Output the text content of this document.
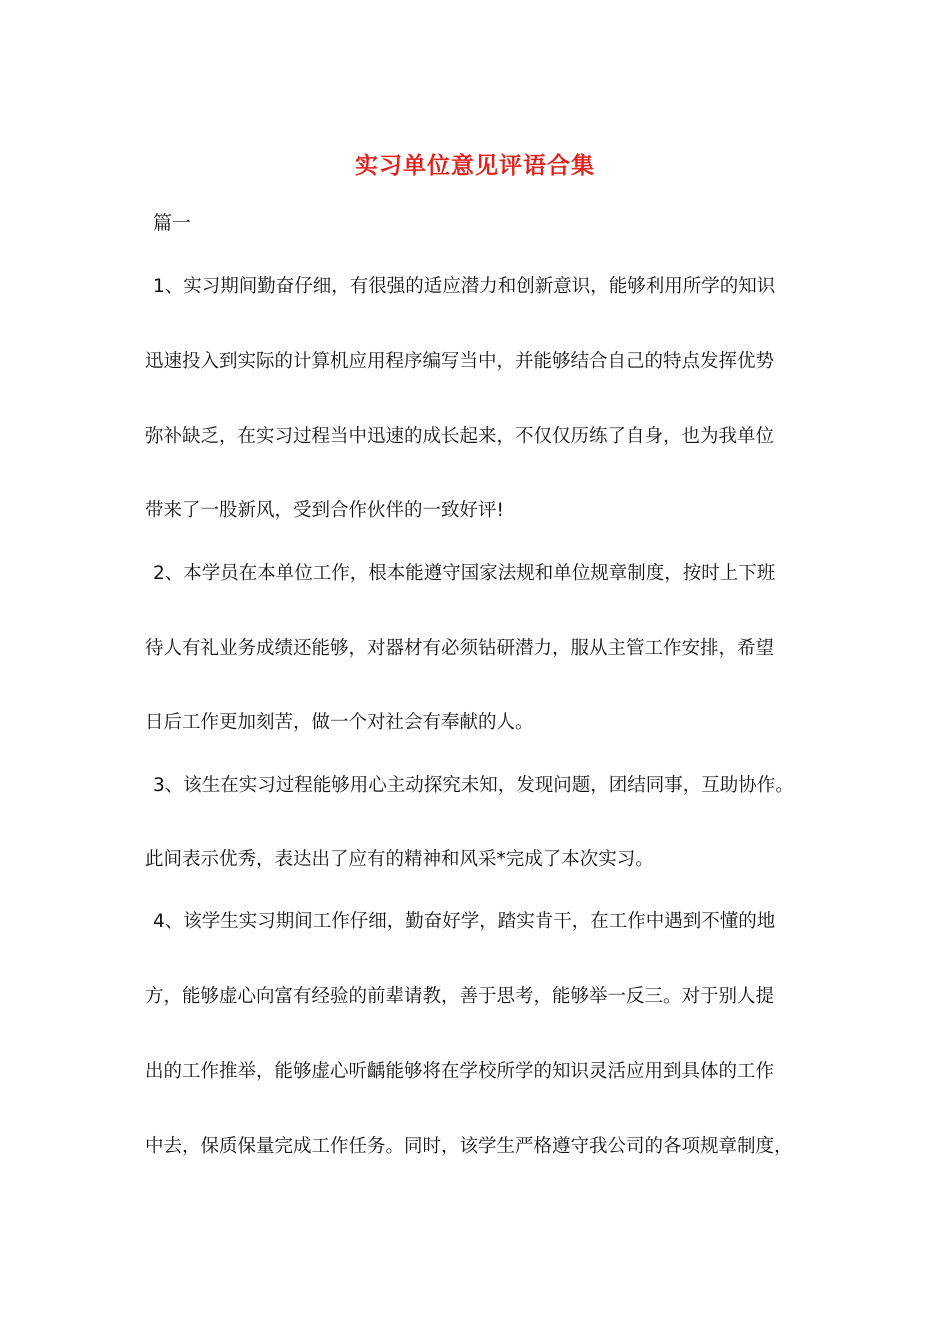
实习单位意见评语合集
篇一
1、实习期间勤奋仔细，有很强的适应潜力和创新意识，能够利用所学的知识
迅速投入到实际的计算机应用程序编写当中，并能够结合自己的特点发挥优势
弥补缺乏，在实习过程当中迅速的成长起来，不仅仅历练了自身，也为我单位
带来了一股新风，受到合作伙伴的一致好评!
2、本学员在本单位工作，根本能遵守国家法规和单位规章制度，按时上下班
待人有礼业务成绩还能够，对器材有必须钻研潜力，服从主管工作安排，希望
日后工作更加刻苦，做一个对社会有奉献的人。
3、该生在实习过程能够用心主动探究未知，发现问题，团结同事，互助协作。
此间表示优秀，表达出了应有的精神和风采*完成了本次实习。
4、该学生实习期间工作仔细，勤奋好学，踏实肯干，在工作中遇到不懂的地
方，能够虚心向富有经验的前辈请教，善于思考，能够举一反三。对于别人提
出的工作推举，能够虚心听齲能够将在学校所学的知识灵活应用到具体的工作
中去，保质保量完成工作任务。同时，该学生严格遵守我公司的各项规章制度，
